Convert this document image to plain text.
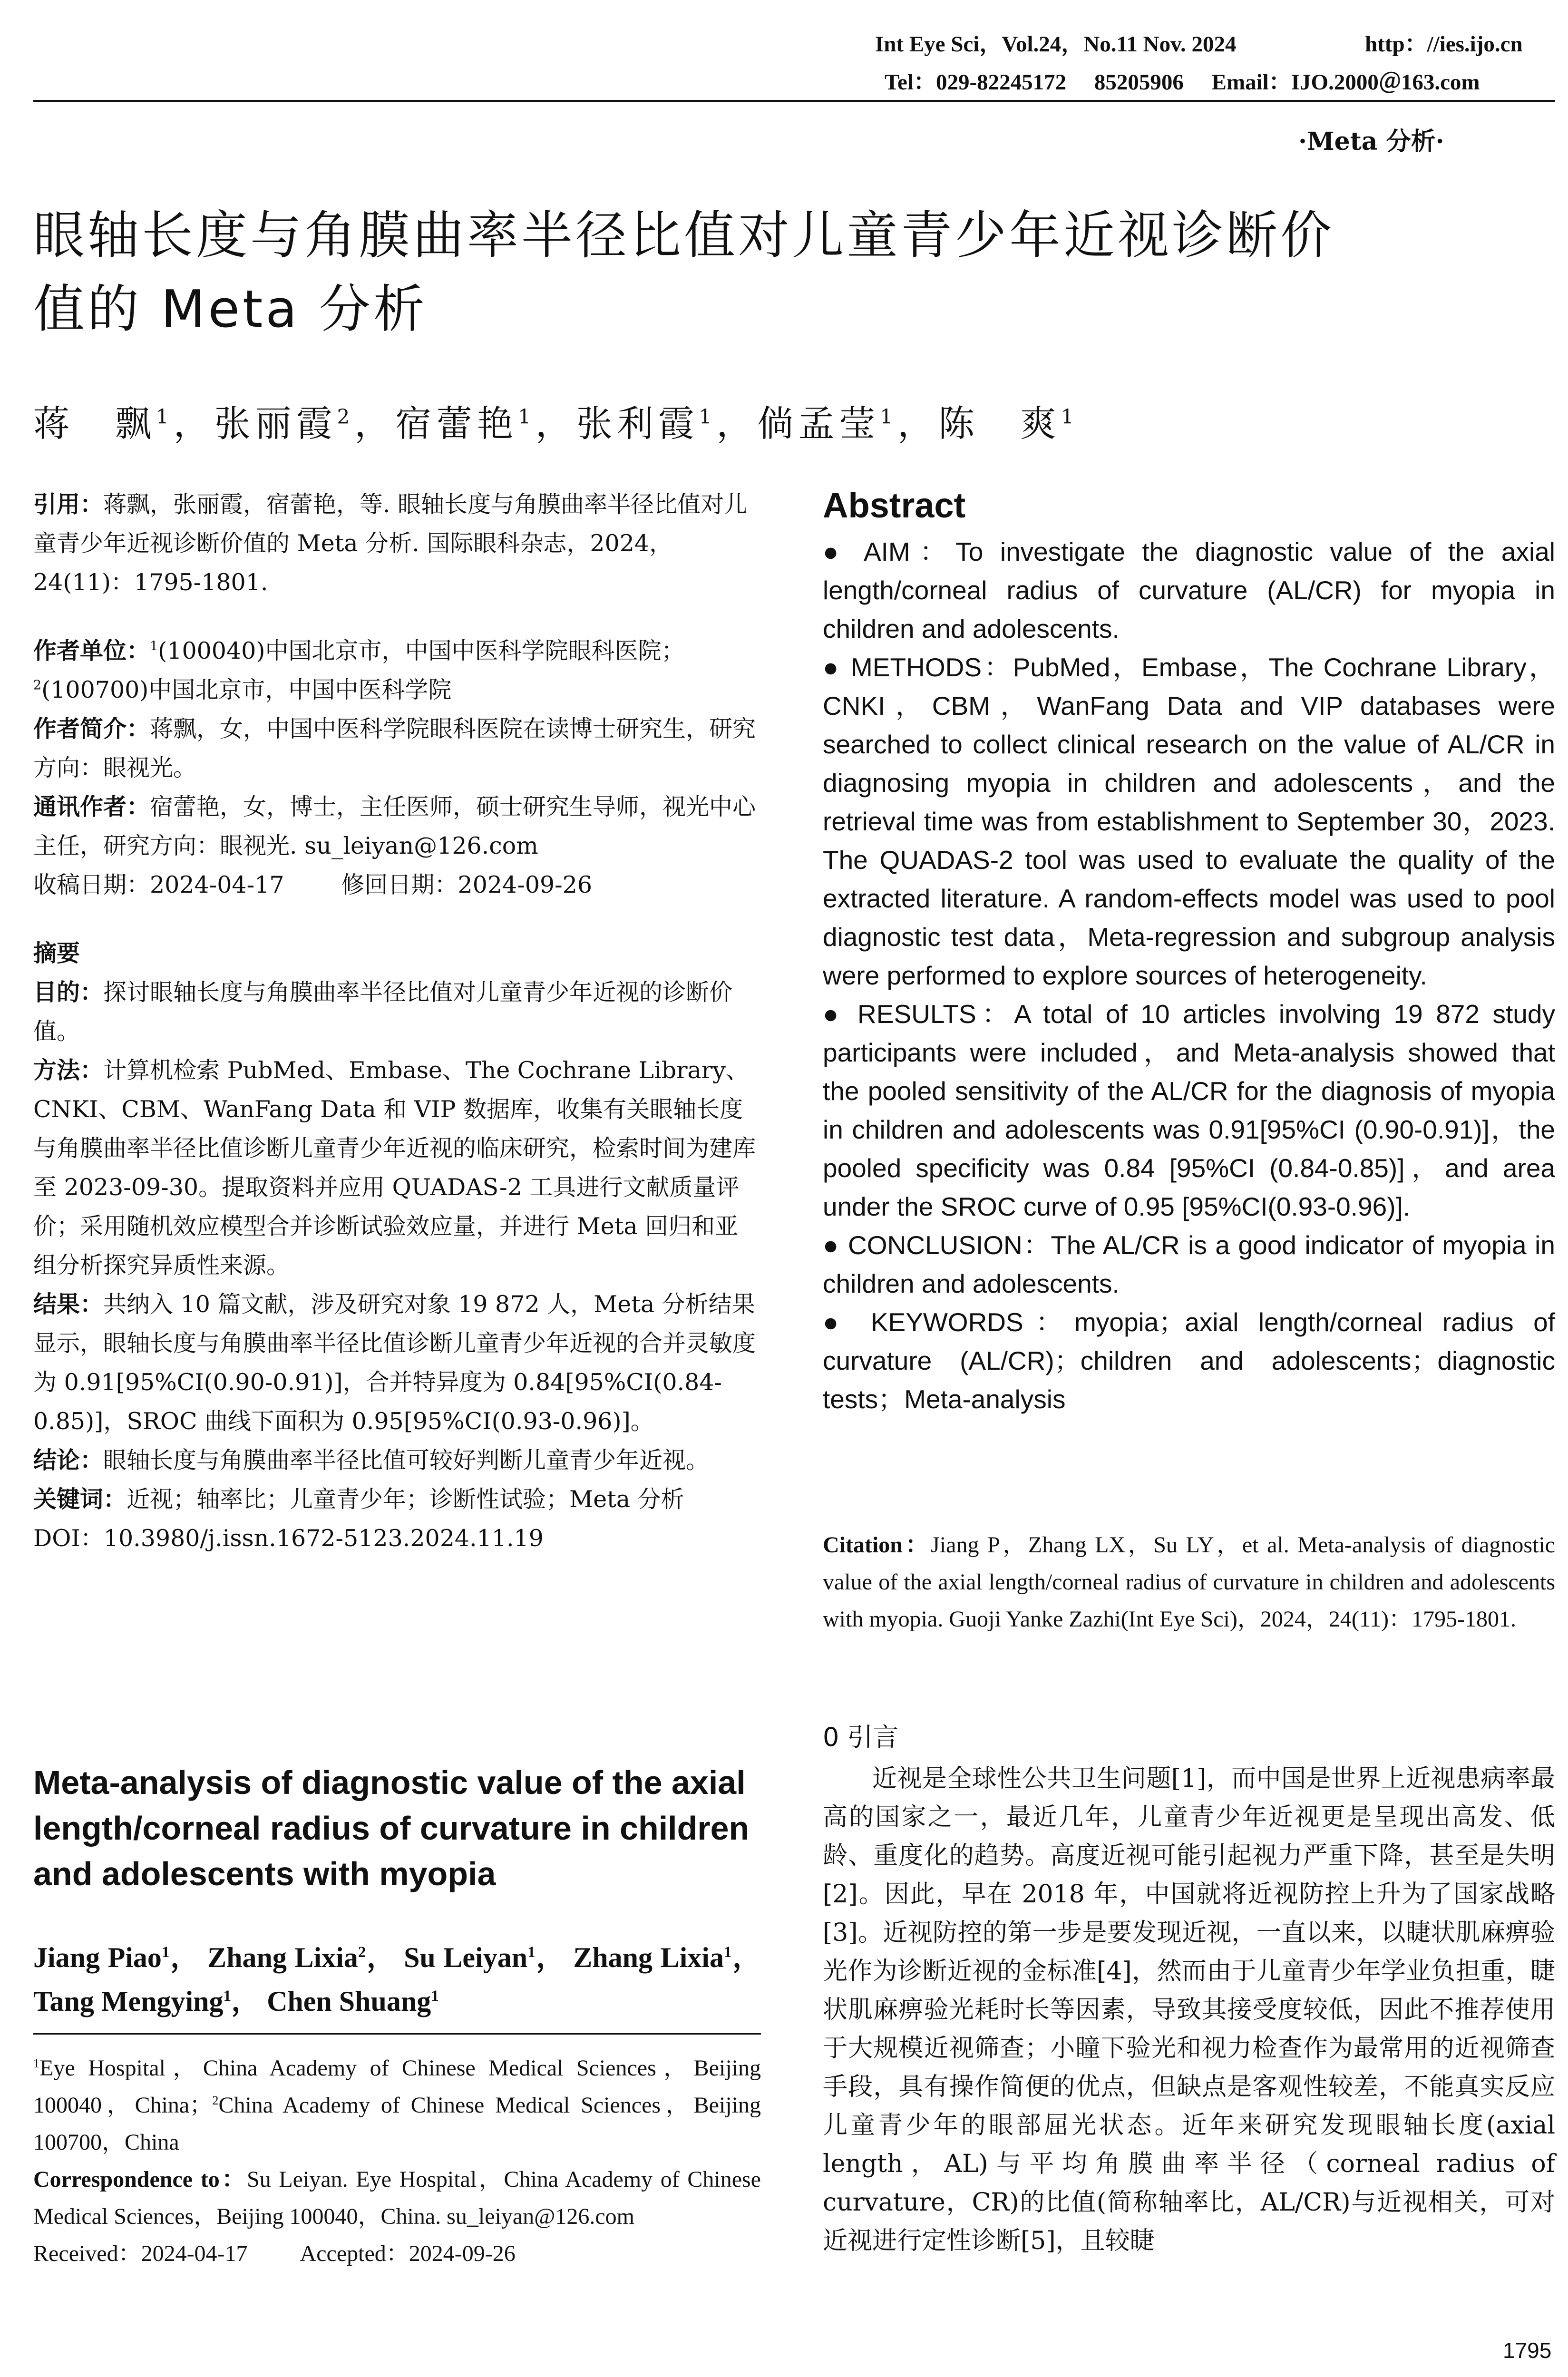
Int Eye Sci，Vol.24，No.11 Nov. 2024	http：//ies.ijo.cn
Tel：029-82245172     85205906     Email：IJO.2000＠163.com
·Meta 分析·
眼轴长度与角膜曲率半径比值对儿童青少年近视诊断价
值的 Meta 分析
蒋　飘$^1$，张丽霞$^2$，宿蕾艳$^1$，张利霞$^1$，倘孟莹$^1$，陈　爽$^1$

引用：蒋飘，张丽霞，宿蕾艳，等. 眼轴长度与角膜曲率半径比值对儿童青少年近视诊断价值的 Meta 分析. 国际眼科杂志，2024，24(11)：1795-1801.

作者单位：$^1$(100040)中国北京市，中国中医科学院眼科医院；$^2$(100700)中国北京市，中国中医科学院

作者简介：蒋飘，女，中国中医科学院眼科医院在读博士研究生，研究方向：眼视光。

通讯作者：宿蕾艳，女，博士，主任医师，硕士研究生导师，视光中心主任，研究方向：眼视光. su_leiyan@126.com

收稿日期：2024-04-17 修回日期：2024-09-26

摘要

目的：探讨眼轴长度与角膜曲率半径比值对儿童青少年近视的诊断价值。

方法：计算机检索 PubMed、Embase、The Cochrane Library、CNKI、CBM、WanFang Data 和 VIP 数据库，收集有关眼轴长度与角膜曲率半径比值诊断儿童青少年近视的临床研究，检索时间为建库至 2023-09-30。提取资料并应用 QUADAS-2 工具进行文献质量评价；采用随机效应模型合并诊断试验效应量，并进行 Meta 回归和亚组分析探究异质性来源。

结果：共纳入 10 篇文献，涉及研究对象 19 872 人，Meta 分析结果显示，眼轴长度与角膜曲率半径比值诊断儿童青少年近视的合并灵敏度为 0.91[95%CI(0.90-0.91)]，合并特异度为 0.84[95%CI(0.84-0.85)]，SROC 曲线下面积为 0.95[95%CI(0.93-0.96)]。

结论：眼轴长度与角膜曲率半径比值可较好判断儿童青少年近视。

关键词：近视；轴率比；儿童青少年；诊断性试验；Meta 分析

DOI：10.3980/j.issn.1672-5123.2024.11.19

Meta-analysis of diagnostic value of the axial length/corneal radius of curvature in children and adolescents with myopia
Jiang Piao$^1$， Zhang Lixia$^2$， Su Leiyan$^1$， Zhang Lixia$^1$， Tang Mengying$^1$， Chen Shuang$^1$

$^1$Eye Hospital，China Academy of Chinese Medical Sciences，Beijing 100040，China；$^2$China Academy of Chinese Medical Sciences，Beijing 100700，China

Correspondence to：Su Leiyan. Eye Hospital，China Academy of Chinese Medical Sciences，Beijing 100040，China. su_leiyan@126.com

Received：2024-04-17 Accepted：2024-09-26

Abstract

● AIM：To investigate the diagnostic value of the axial length/corneal radius of curvature (AL/CR) for myopia in children and adolescents.

● METHODS：PubMed，Embase，The Cochrane Library，CNKI，CBM，WanFang Data and VIP databases were searched to collect clinical research on the value of AL/CR in diagnosing myopia in children and adolescents，and the retrieval time was from establishment to September 30，2023. The QUADAS-2 tool was used to evaluate the quality of the extracted literature. A random-effects model was used to pool diagnostic test data，Meta-regression and subgroup analysis were performed to explore sources of heterogeneity.

● RESULTS：A total of 10 articles involving 19 872 study participants were included，and Meta-analysis showed that the pooled sensitivity of the AL/CR for the diagnosis of myopia in children and adolescents was 0.91[95%CI (0.90-0.91)]，the pooled specificity was 0.84 [95%CI (0.84-0.85)]，and area under the SROC curve of 0.95 [95%CI(0.93-0.96)].

● CONCLUSION：The AL/CR is a good indicator of myopia in children and adolescents.

● KEYWORDS：myopia；axial length/corneal radius of curvature (AL/CR)；children and adolescents；diagnostic tests；Meta-analysis

Citation：Jiang P，Zhang LX，Su LY，et al. Meta-analysis of diagnostic value of the axial length/corneal radius of curvature in children and adolescents with myopia. Guoji Yanke Zazhi(Int Eye Sci)，2024，24(11)：1795-1801.

0 引言

近视是全球性公共卫生问题[1]，而中国是世界上近视患病率最高的国家之一，最近几年，儿童青少年近视更是呈现出高发、低龄、重度化的趋势。高度近视可能引起视力严重下降，甚至是失明[2]。因此，早在 2018 年，中国就将近视防控上升为了国家战略[3]。近视防控的第一步是要发现近视，一直以来，以睫状肌麻痹验光作为诊断近视的金标准[4]，然而由于儿童青少年学业负担重，睫状肌麻痹验光耗时长等因素，导致其接受度较低，因此不推荐使用于大规模近视筛查；小瞳下验光和视力检查作为最常用的近视筛查手段，具有操作简便的优点，但缺点是客观性较差，不能真实反应儿童青少年的眼部屈光状态。近年来研究发现眼轴长度(axial length，AL)与平均角膜曲率半径（corneal radius of curvature，CR)的比值(简称轴率比，AL/CR)与近视相关，可对近视进行定性诊断[5]，且较睫

1795
